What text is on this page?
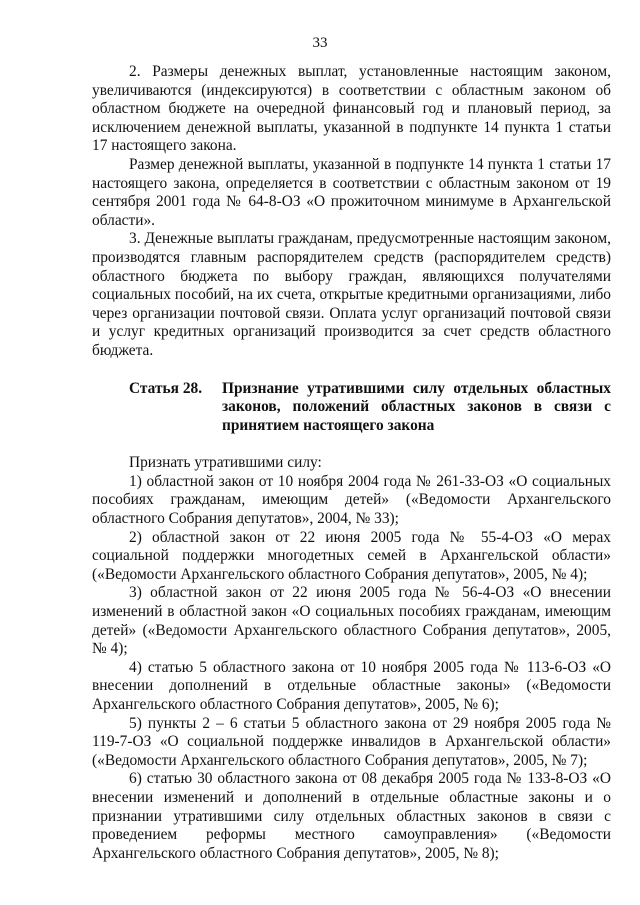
33

2. Размеры денежных выплат, установленные настоящим законом, увеличиваются (индексируются) в соответствии с областным законом об областном бюджете на очередной финансовый год и плановый период, за исключением денежной выплаты, указанной в подпункте 14 пункта 1 статьи 17 настоящего закона.

Размер денежной выплаты, указанной в подпункте 14 пункта 1 статьи 17 настоящего закона, определяется в соответствии с областным законом от 19 сентября 2001 года № 64-8-ОЗ «О прожиточном минимуме в Архангельской области».

3. Денежные выплаты гражданам, предусмотренные настоящим законом, производятся главным распорядителем средств (распорядителем средств) областного бюджета по выбору граждан, являющихся получателями социальных пособий, на их счета, открытые кредитными организациями, либо через организации почтовой связи. Оплата услуг организаций почтовой связи и услуг кредитных организаций производится за счет средств областного бюджета.

Статья 28.	Признание утратившими силу отдельных областных законов, положений областных законов в связи с принятием настоящего закона

Признать утратившими силу:

1) областной закон от 10 ноября 2004 года № 261-33-ОЗ «О социальных пособиях гражданам, имеющим детей» («Ведомости Архангельского областного Собрания депутатов», 2004, № 33);

2) областной закон от 22 июня 2005 года № 55-4-ОЗ «О мерах социальной поддержки многодетных семей в Архангельской области» («Ведомости Архангельского областного Собрания депутатов», 2005, № 4);

3) областной закон от 22 июня 2005 года № 56-4-ОЗ «О внесении изменений в областной закон «О социальных пособиях гражданам, имеющим детей» («Ведомости Архангельского областного Собрания депутатов», 2005, № 4);

4) статью 5 областного закона от 10 ноября 2005 года № 113-6-ОЗ «О внесении дополнений в отдельные областные законы» («Ведомости Архангельского областного Собрания депутатов», 2005, № 6);

5) пункты 2 – 6 статьи 5 областного закона от 29 ноября 2005 года № 119-7-ОЗ «О социальной поддержке инвалидов в Архангельской области» («Ведомости Архангельского областного Собрания депутатов», 2005, № 7);

6) статью 30 областного закона от 08 декабря 2005 года № 133-8-ОЗ «О внесении изменений и дополнений в отдельные областные законы и о признании утратившими силу отдельных областных законов в связи с проведением реформы местного самоуправления» («Ведомости Архангельского областного Собрания депутатов», 2005, № 8);
